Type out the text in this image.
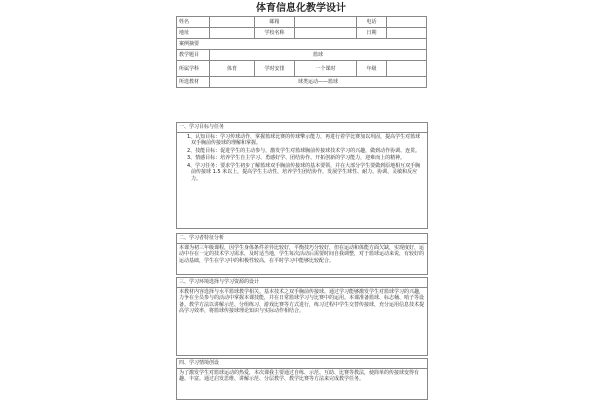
体育信息化教学设计
姓名		邮箱		电话	
地址		学校名称		日期	
案例摘要					
教学题目	篮球				
所属学科	体育	学时安排	一个课时	年级	
所选教材	球类运动——篮球				
一、学习目标与任务
1、认知目标：学习传球动作，掌握篮球比赛的传球擎示能力，再进行着学比赛加以巩固，提高学生对篮球双手胸前传接球的理解和掌握。
2、技能目标：促进学生的主动参与，激发学生对篮球胸前传接球技术学习的兴趣，做到动作协调、连贯。
3、情感目标：培养学生自主学习、勇感好学、团结协作、开拓创新的学习能力，迎难而上的精神。
4、学习任务：要求学生初步了解篮球双手胸前传接球的基本要领，并在大部分学生要做到原地相互双手胸前传接球 1.5 米以上，提高学生主动性，培养学生团结协作，发展学生球性、耐力、协调、灵敏和反应力。
二、学习者特征分析

本课为初三年级课程，因学生身体条件差异比较好，平衡技巧分较好，但在运动和体能方面欠缺，实现度好，运动中存在一定的技术学习需求，及时适当地，学生每次活动后需要时间自我调整，对于篮球运动来说，有较好的运动基础，学生在学习中的积极性较高，在平时学习中能够比较配合。

三、学习环境选择与学习资源的设计

本教材内容选择与水平篮球教学相关。基本技术之双手胸前传接球。通过学习能够激发学生对篮球学习的兴趣，力争在全员参与的活动中掌握本课技能，并在日常篮球学习与比赛中的运用。本课准备篮球、标志桶、哨子等设备。教学方法以讲解示范、分组练习、游戏比赛等方式进行，练习过程中学生交替传接球，充分运用信息技术提高学习效率，将篮球传接球理论知识与实际动作相结合。

四、学习情境创设

为了激发学生对篮球运动的热爱，本次课我主要通过自练、示范、互助、比赛等教法，使简单的传接球变得有趣、丰富。通过启发思维、讲解示范、分层教学、教学比赛等方法来完成教学任务。
